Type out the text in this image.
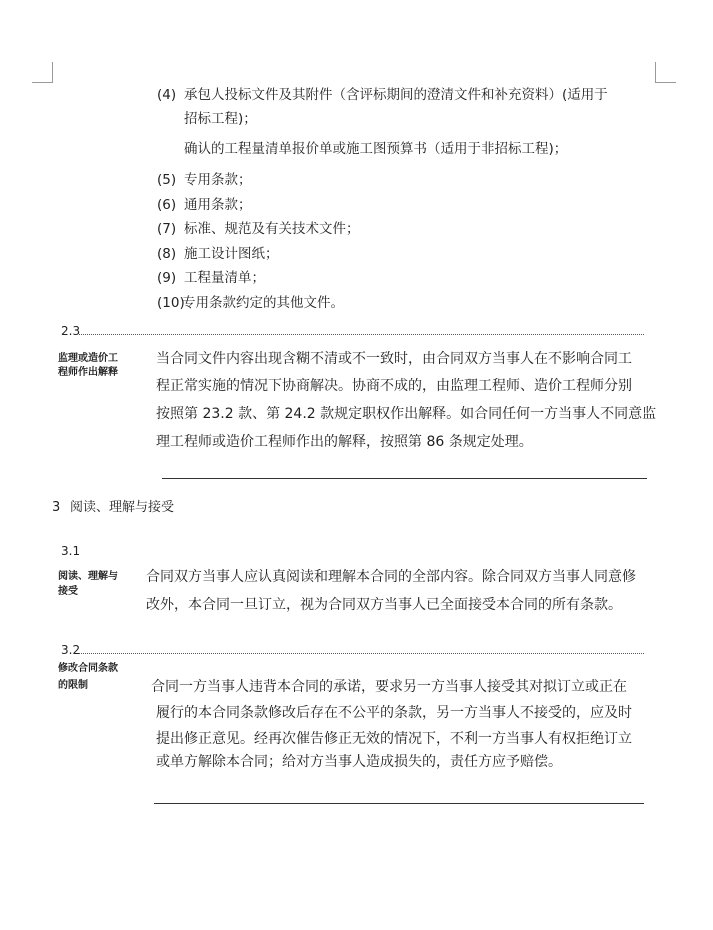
(4) 承包人投标文件及其附件（含评标期间的澄清文件和补充资料）(适用于
招标工程)；
确认的工程量清单报价单或施工图预算书（适用于非招标工程)；
(5) 专用条款；
(6) 通用条款；
(7) 标准、规范及有关技术文件；
(8) 施工设计图纸；
(9) 工程量清单；
(10)
专用条款约定的其他文件。
2.3
监理或造价工
程师作出解释
当合同文件内容出现含糊不清或不一致时，由合同双方当事人在不影响合同工
程正常实施的情况下协商解决。协商不成的，由监理工程师、造价工程师分别
按照第 23.2 款、第 24.2 款规定职权作出解释。如合同任何一方当事人不同意监
理工程师或造价工程师作出的解释，按照第 86 条规定处理。
3 阅读、理解与接受
3.1
阅读、理解与
接受
合同双方当事人应认真阅读和理解本合同的全部内容。除合同双方当事人同意修
改外，本合同一旦订立，视为合同双方当事人已全面接受本合同的所有条款。
3.2
修改合同条款
的限制	合同一方当事人违背本合同的承诺，要求另一方当事人接受其对拟订立或正在
履行的本合同条款修改后存在不公平的条款，另一方当事人不接受的，应及时
提出修正意见。经再次催告修正无效的情况下，不利一方当事人有权拒绝订立
或单方解除本合同；给对方当事人造成损失的，责任方应予赔偿。
